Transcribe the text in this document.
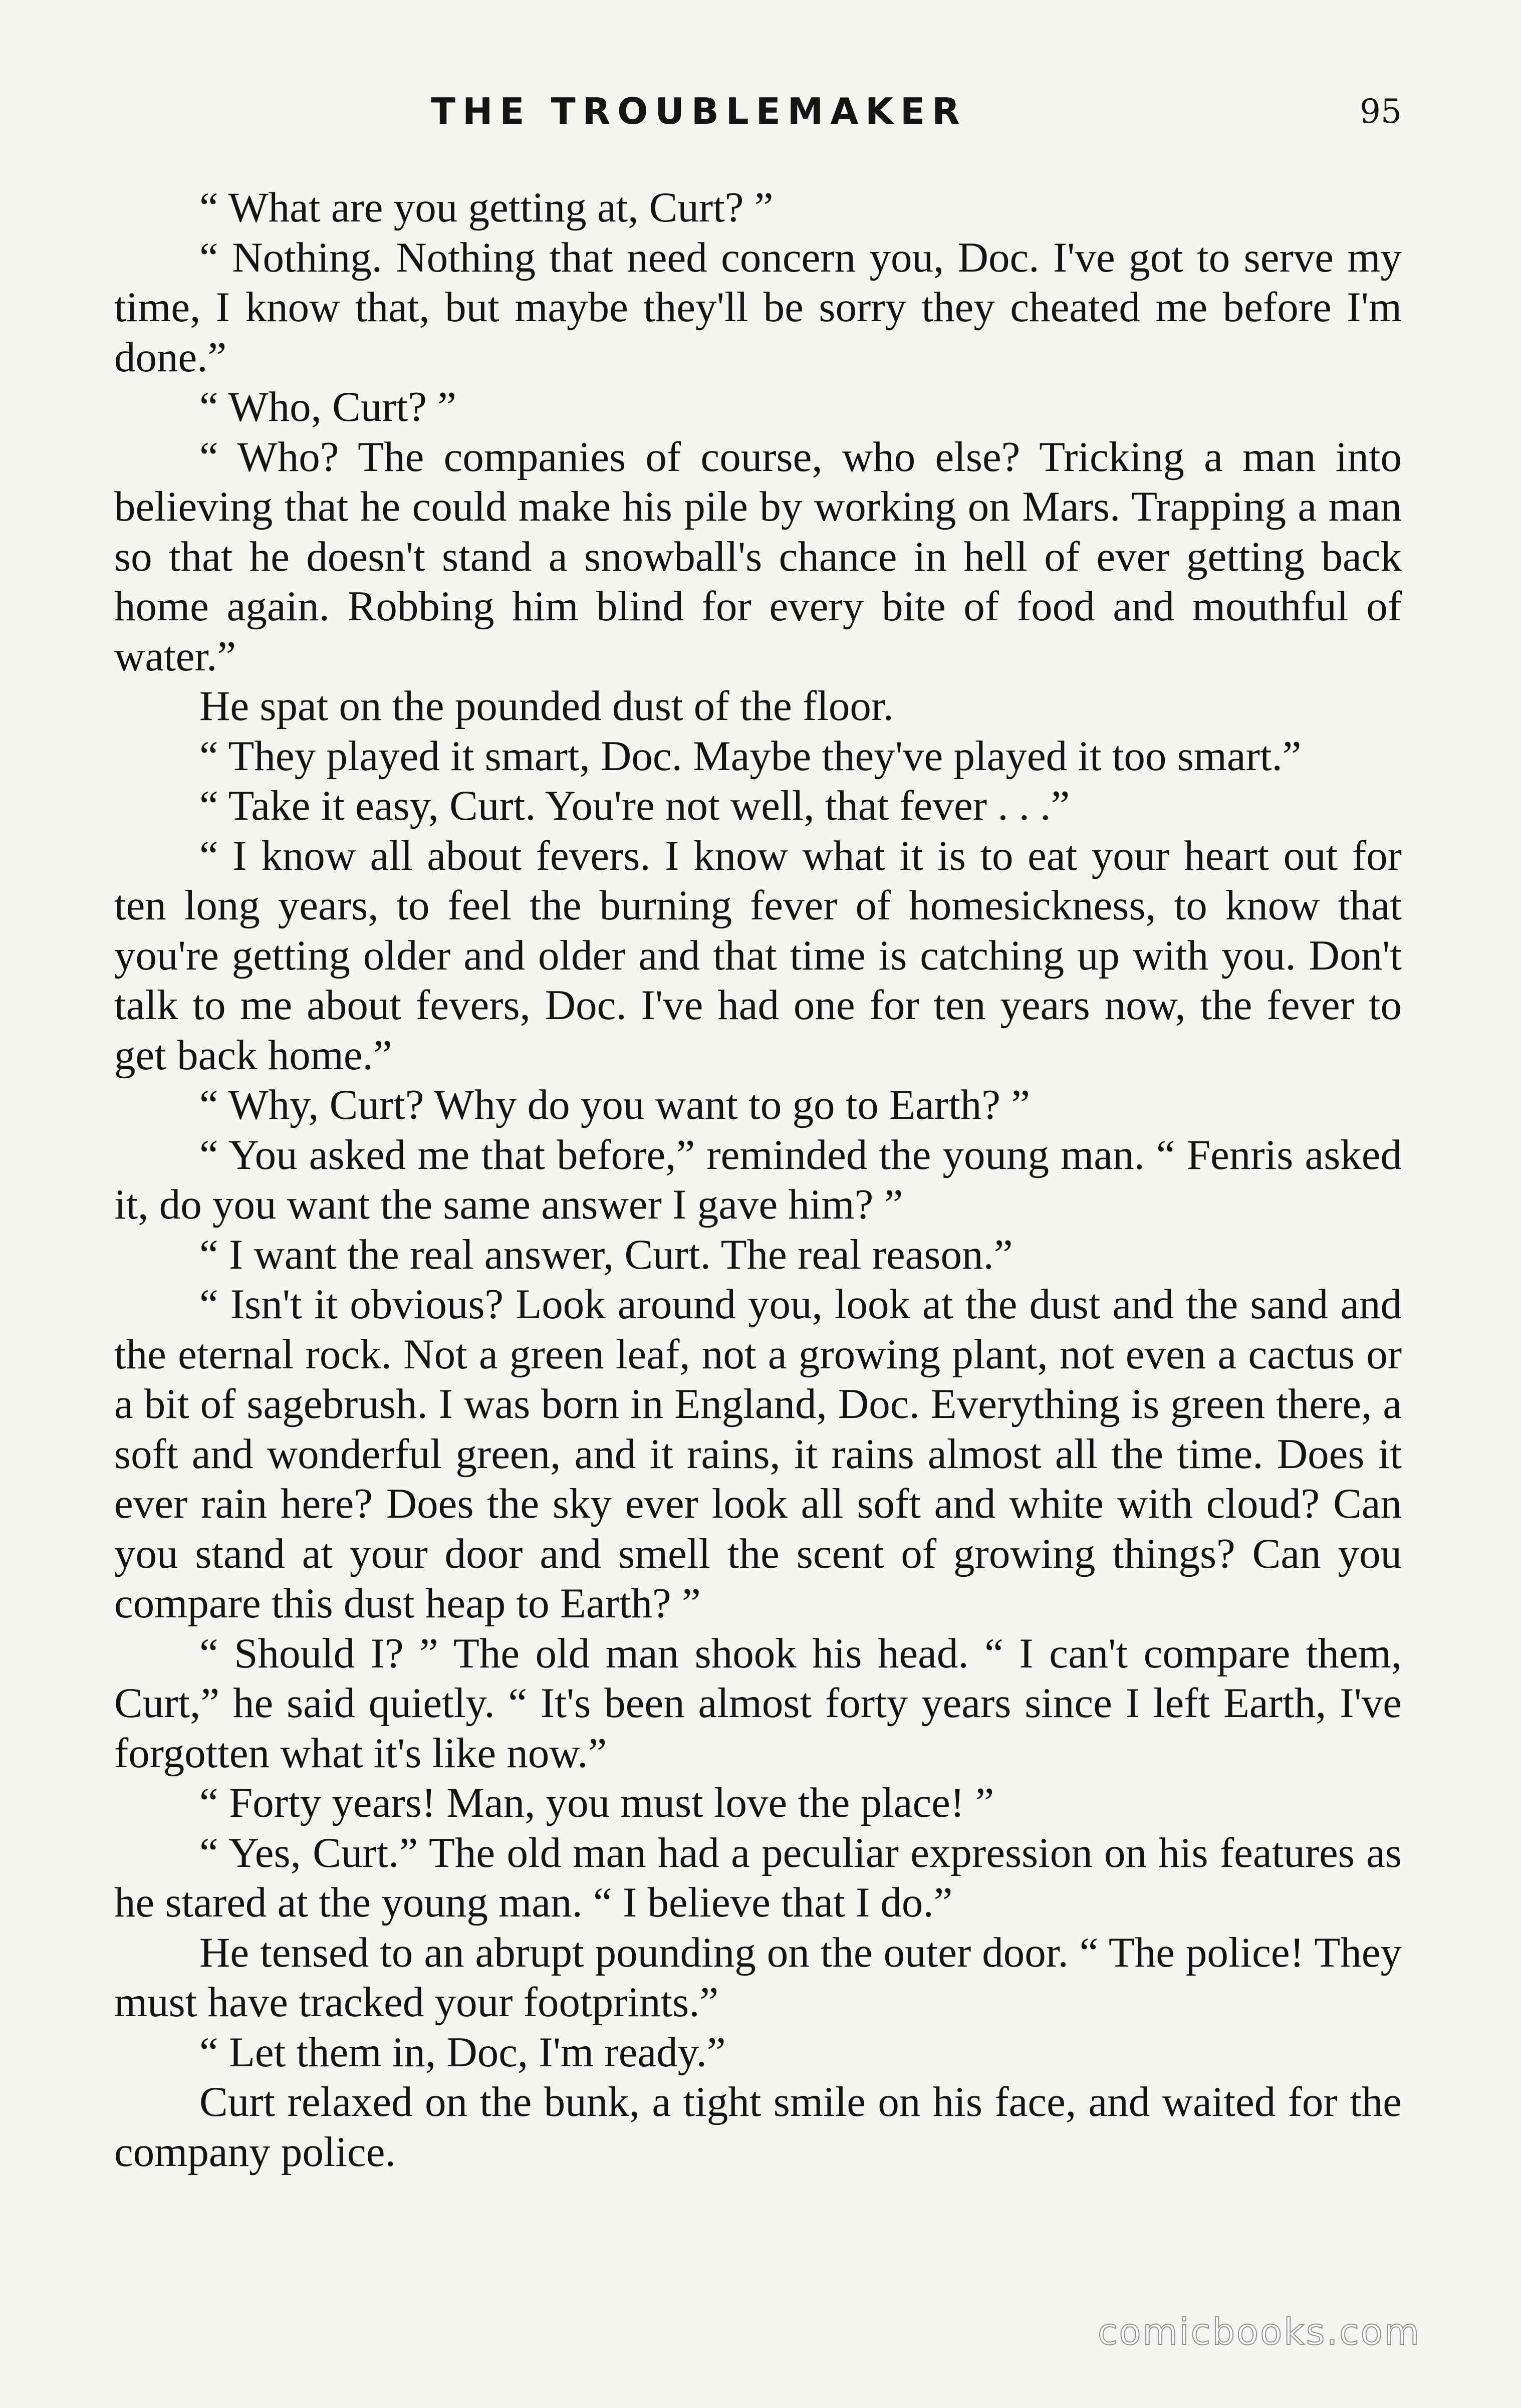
THE TROUBLEMAKER	95

“ What are you getting at, Curt? ”

“ Nothing. Nothing that need concern you, Doc. I've got to serve my time, I know that, but maybe they'll be sorry they cheated me before I'm done.”

“ Who, Curt? ”

“ Who? The companies of course, who else? Tricking a man into believing that he could make his pile by working on Mars. Trapping a man so that he doesn't stand a snowball's chance in hell of ever getting back home again. Robbing him blind for every bite of food and mouthful of water.”

He spat on the pounded dust of the floor.

“ They played it smart, Doc. Maybe they've played it too smart.”

“ Take it easy, Curt. You're not well, that fever . . .”

“ I know all about fevers. I know what it is to eat your heart out for ten long years, to feel the burning fever of homesickness, to know that you're getting older and older and that time is catching up with you. Don't talk to me about fevers, Doc. I've had one for ten years now, the fever to get back home.”

“ Why, Curt? Why do you want to go to Earth? ”

“ You asked me that before,” reminded the young man. “ Fenris asked it, do you want the same answer I gave him? ”

“ I want the real answer, Curt. The real reason.”

“ Isn't it obvious? Look around you, look at the dust and the sand and the eternal rock. Not a green leaf, not a growing plant, not even a cactus or a bit of sagebrush. I was born in England, Doc. Everything is green there, a soft and wonderful green, and it rains, it rains almost all the time. Does it ever rain here? Does the sky ever look all soft and white with cloud? Can you stand at your door and smell the scent of growing things? Can you compare this dust heap to Earth? ”

“ Should I? ” The old man shook his head. “ I can't compare them, Curt,” he said quietly. “ It's been almost forty years since I left Earth, I've forgotten what it's like now.”

“ Forty years! Man, you must love the place! ”

“ Yes, Curt.” The old man had a peculiar expression on his features as he stared at the young man. “ I believe that I do.”

He tensed to an abrupt pounding on the outer door. “ The police! They must have tracked your footprints.”

“ Let them in, Doc, I'm ready.”

Curt relaxed on the bunk, a tight smile on his face, and waited for the company police.

comicbooks.com
